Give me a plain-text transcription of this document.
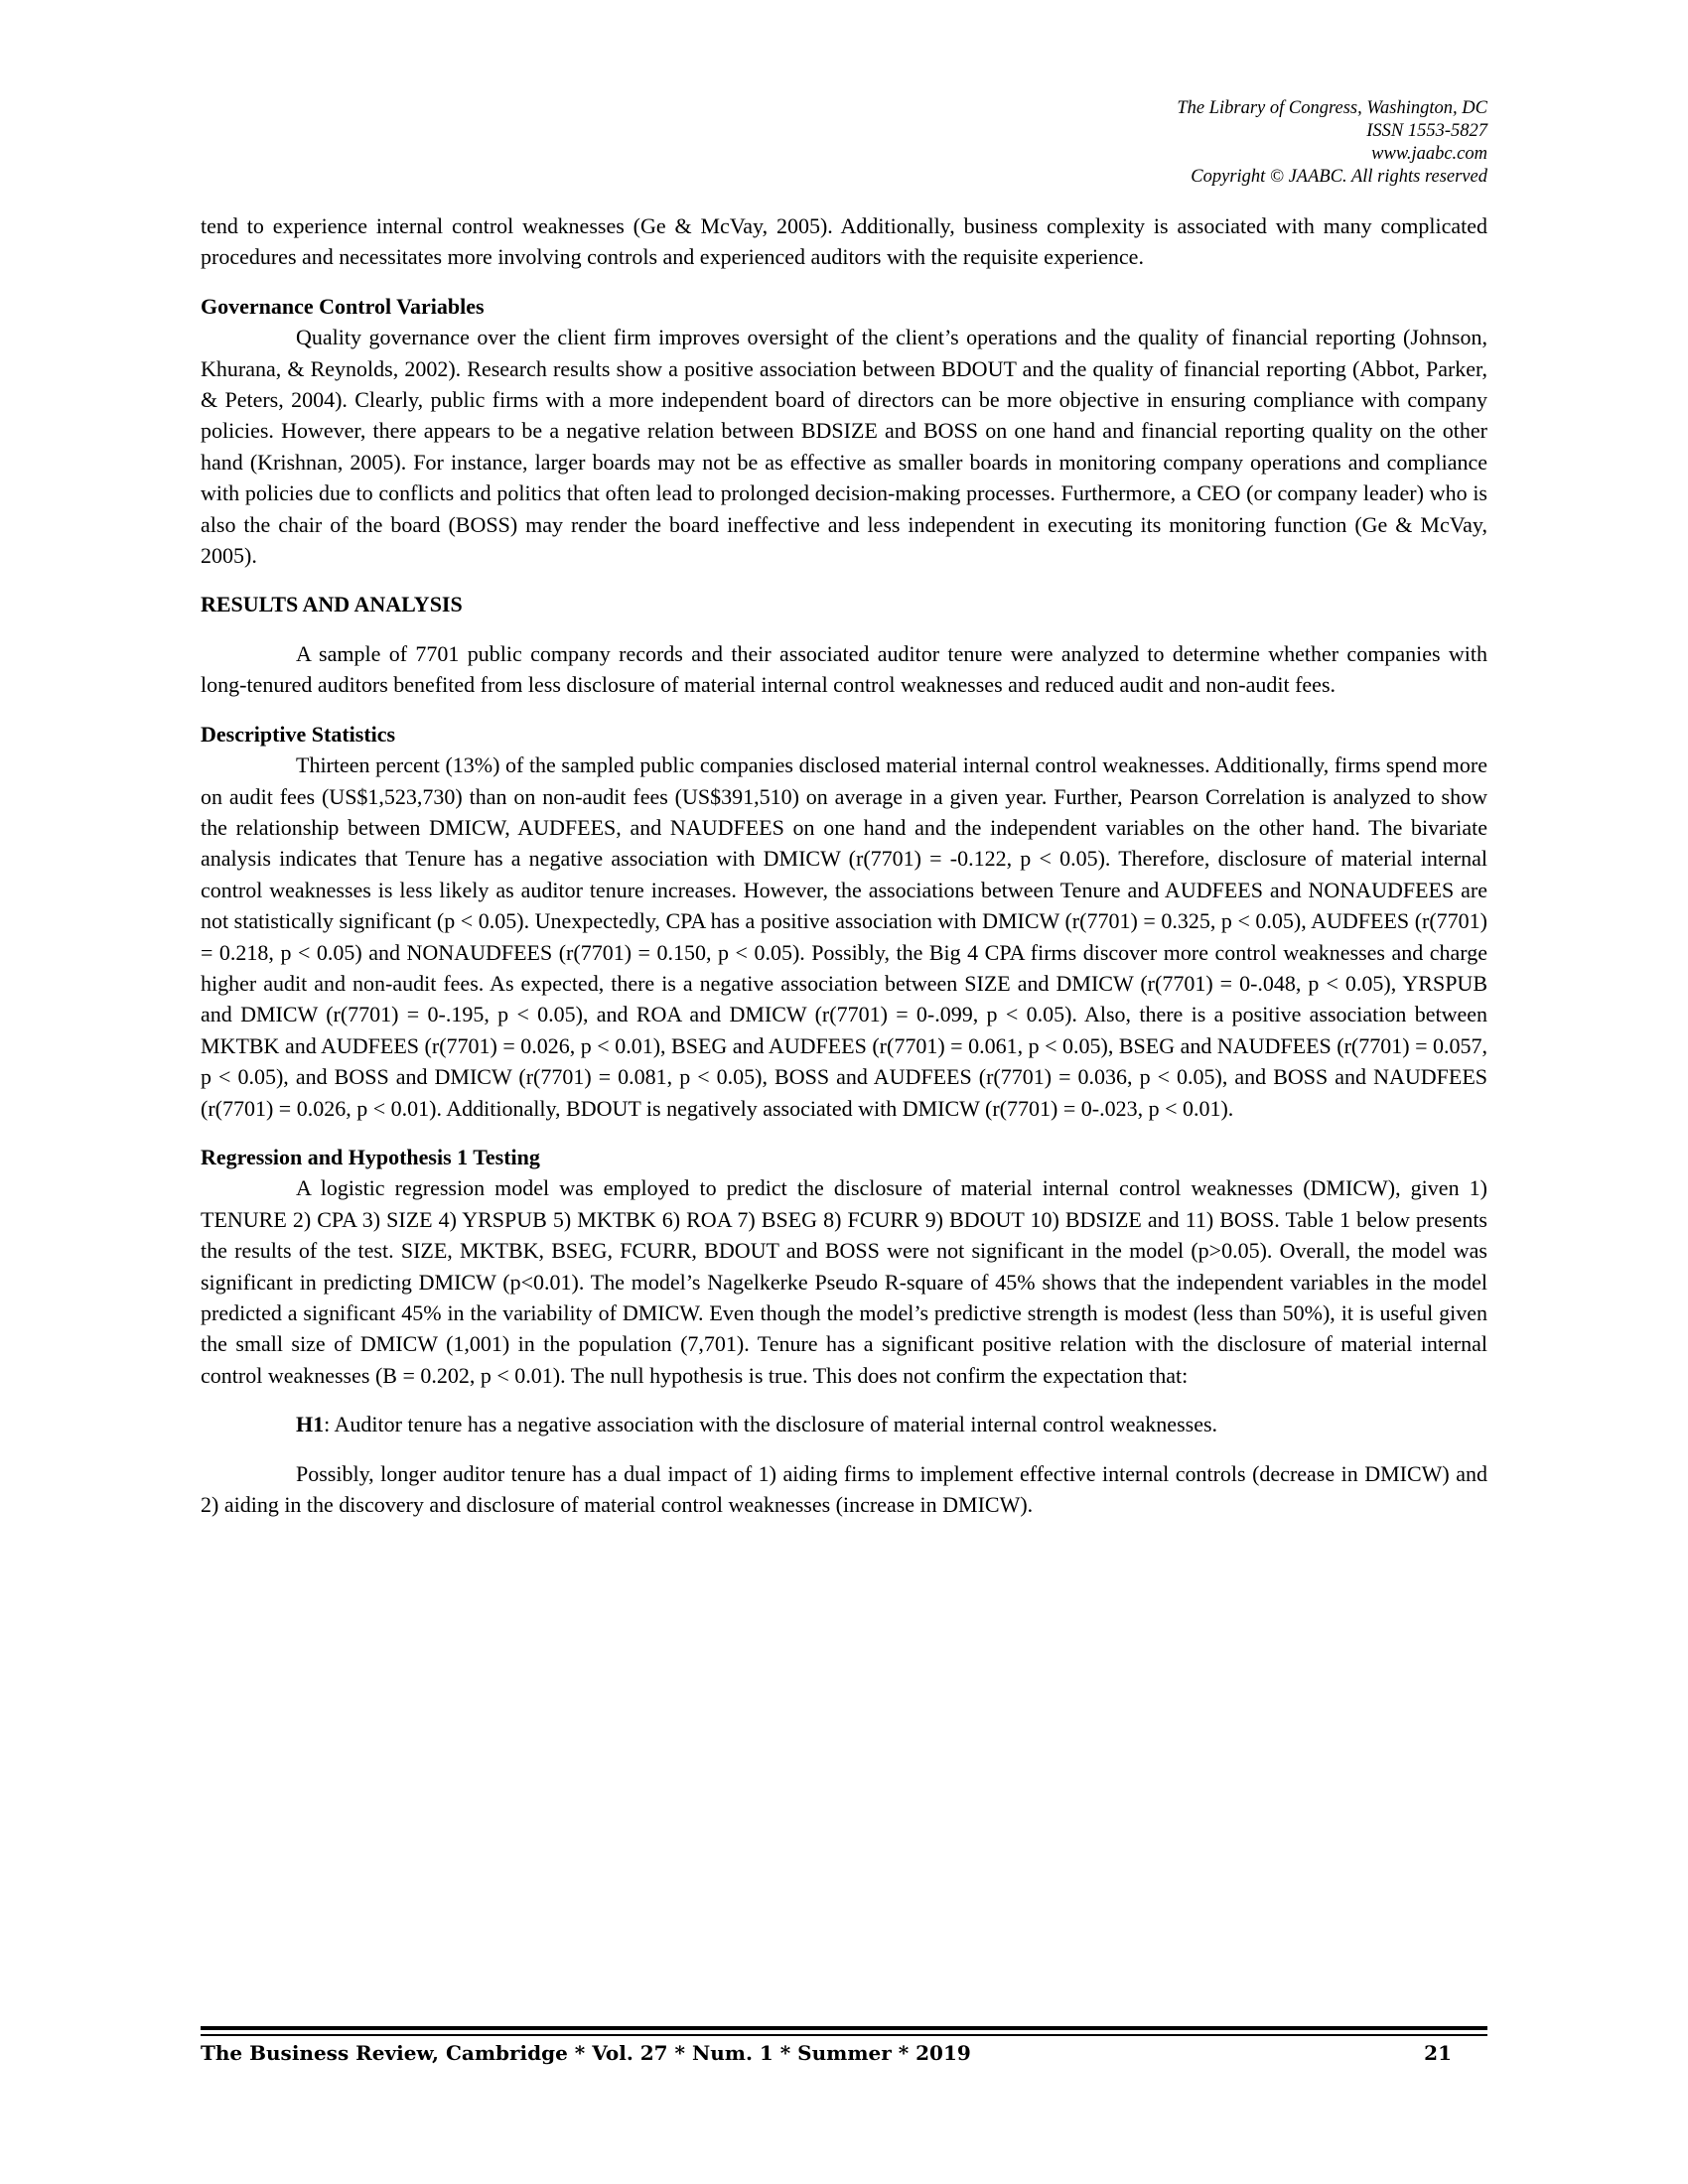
The Library of Congress, Washington, DC
ISSN 1553-5827
www.jaabc.com
Copyright © JAABC. All rights reserved

tend to experience internal control weaknesses (Ge & McVay, 2005). Additionally, business complexity is associated with many complicated procedures and necessitates more involving controls and experienced auditors with the requisite experience.

Governance Control Variables

Quality governance over the client firm improves oversight of the client’s operations and the quality of financial reporting (Johnson, Khurana, & Reynolds, 2002). Research results show a positive association between BDOUT and the quality of financial reporting (Abbot, Parker, & Peters, 2004). Clearly, public firms with a more independent board of directors can be more objective in ensuring compliance with company policies. However, there appears to be a negative relation between BDSIZE and BOSS on one hand and financial reporting quality on the other hand (Krishnan, 2005). For instance, larger boards may not be as effective as smaller boards in monitoring company operations and compliance with policies due to conflicts and politics that often lead to prolonged decision-making processes. Furthermore, a CEO (or company leader) who is also the chair of the board (BOSS) may render the board ineffective and less independent in executing its monitoring function (Ge & McVay, 2005).

RESULTS AND ANALYSIS

A sample of 7701 public company records and their associated auditor tenure were analyzed to determine whether companies with long-tenured auditors benefited from less disclosure of material internal control weaknesses and reduced audit and non-audit fees.

Descriptive Statistics

Thirteen percent (13%) of the sampled public companies disclosed material internal control weaknesses. Additionally, firms spend more on audit fees (US$1,523,730) than on non-audit fees (US$391,510) on average in a given year. Further, Pearson Correlation is analyzed to show the relationship between DMICW, AUDFEES, and NAUDFEES on one hand and the independent variables on the other hand. The bivariate analysis indicates that Tenure has a negative association with DMICW (r(7701) = -0.122, p < 0.05). Therefore, disclosure of material internal control weaknesses is less likely as auditor tenure increases. However, the associations between Tenure and AUDFEES and NONAUDFEES are not statistically significant (p < 0.05). Unexpectedly, CPA has a positive association with DMICW (r(7701) = 0.325, p < 0.05), AUDFEES (r(7701) = 0.218, p < 0.05) and NONAUDFEES (r(7701) = 0.150, p < 0.05). Possibly, the Big 4 CPA firms discover more control weaknesses and charge higher audit and non-audit fees. As expected, there is a negative association between SIZE and DMICW (r(7701) = 0-.048, p < 0.05), YRSPUB and DMICW (r(7701) = 0-.195, p < 0.05), and ROA and DMICW (r(7701) = 0-.099, p < 0.05). Also, there is a positive association between MKTBK and AUDFEES (r(7701) = 0.026, p < 0.01), BSEG and AUDFEES (r(7701) = 0.061, p < 0.05), BSEG and NAUDFEES (r(7701) = 0.057, p < 0.05), and BOSS and DMICW (r(7701) = 0.081, p < 0.05), BOSS and AUDFEES (r(7701) = 0.036, p < 0.05), and BOSS and NAUDFEES (r(7701) = 0.026, p < 0.01). Additionally, BDOUT is negatively associated with DMICW (r(7701) = 0-.023, p < 0.01).

Regression and Hypothesis 1 Testing

A logistic regression model was employed to predict the disclosure of material internal control weaknesses (DMICW), given 1) TENURE 2) CPA 3) SIZE 4) YRSPUB 5) MKTBK 6) ROA 7) BSEG 8) FCURR 9) BDOUT 10) BDSIZE and 11) BOSS. Table 1 below presents the results of the test. SIZE, MKTBK, BSEG, FCURR, BDOUT and BOSS were not significant in the model (p>0.05). Overall, the model was significant in predicting DMICW (p<0.01). The model’s Nagelkerke Pseudo R-square of 45% shows that the independent variables in the model predicted a significant 45% in the variability of DMICW. Even though the model’s predictive strength is modest (less than 50%), it is useful given the small size of DMICW (1,001) in the population (7,701). Tenure has a significant positive relation with the disclosure of material internal control weaknesses (B = 0.202, p < 0.01). The null hypothesis is true. This does not confirm the expectation that:

H1: Auditor tenure has a negative association with the disclosure of material internal control weaknesses.

Possibly, longer auditor tenure has a dual impact of 1) aiding firms to implement effective internal controls (decrease in DMICW) and 2) aiding in the discovery and disclosure of material control weaknesses (increase in DMICW).

The Business Review, Cambridge * Vol. 27 * Num. 1 * Summer * 2019	21
